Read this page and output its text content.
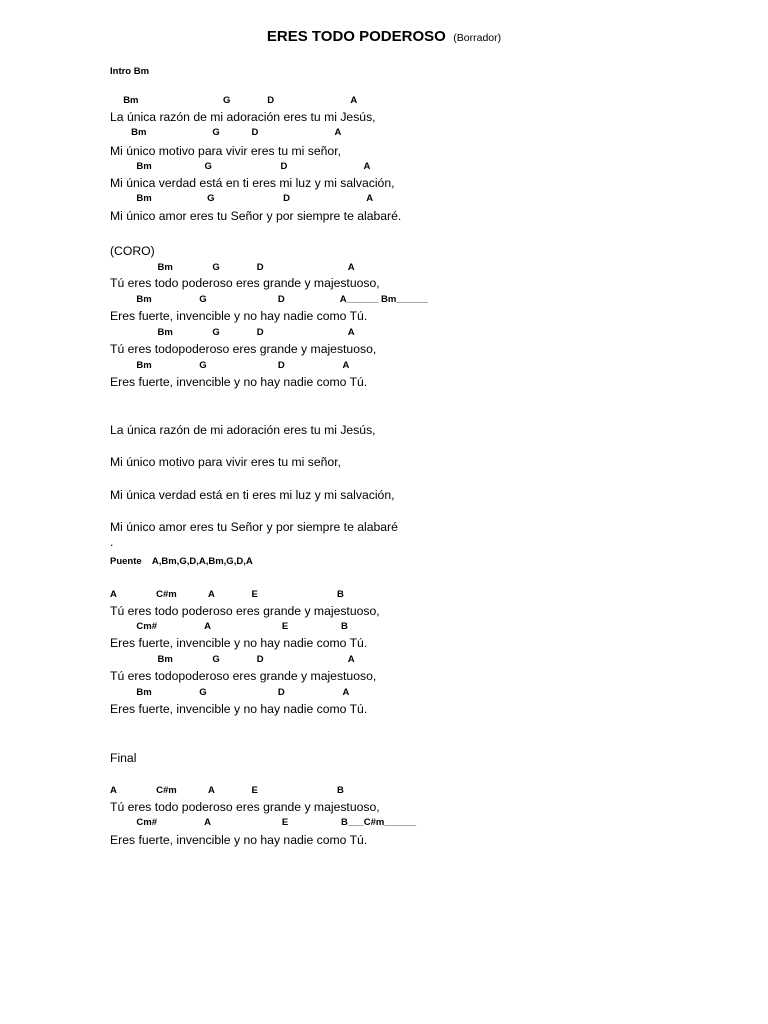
ERES TODO PODEROSO (Borrador)
Intro Bm
Bm                                G              D                             A
La única razón de mi adoración eres tu mi Jesús,
Bm                         G            D                             A
Mi único motivo para vivir eres tu mi señor,
Bm                    G                          D                             A
Mi única verdad está en ti eres mi luz y mi salvación,
Bm                     G                          D                             A
Mi único amor eres tu Señor y por siempre te alabaré.
(CORO)
Bm               G              D                                A
Tú eres todo poderoso eres grande y majestuoso,
Bm                  G                           D                     A______ Bm______
Eres fuerte, invencible y no hay nadie como Tú.
Bm               G              D                                A
Tú eres todopoderoso eres grande y majestuoso,
Bm                  G                           D                      A
Eres fuerte, invencible y no hay nadie como Tú.
La única razón de mi adoración eres tu mi Jesús,
Mi único motivo para vivir eres tu mi señor,
Mi única verdad está en ti eres mi luz y mi salvación,
Mi único amor eres tu Señor y por siempre te alabaré
.
Puente    A,Bm,G,D,A,Bm,G,D,A
A               C#m            A              E                              B
Tú eres todo poderoso eres grande y majestuoso,
Cm#                  A                           E                    B
Eres fuerte, invencible y no hay nadie como Tú.
Bm               G              D                                A
Tú eres todopoderoso eres grande y majestuoso,
Bm                  G                           D                      A
Eres fuerte, invencible y no hay nadie como Tú.
Final
A               C#m            A              E                              B
Tú eres todo poderoso eres grande y majestuoso,
Cm#                  A                           E                    B___C#m______
Eres fuerte, invencible y no hay nadie como Tú.
